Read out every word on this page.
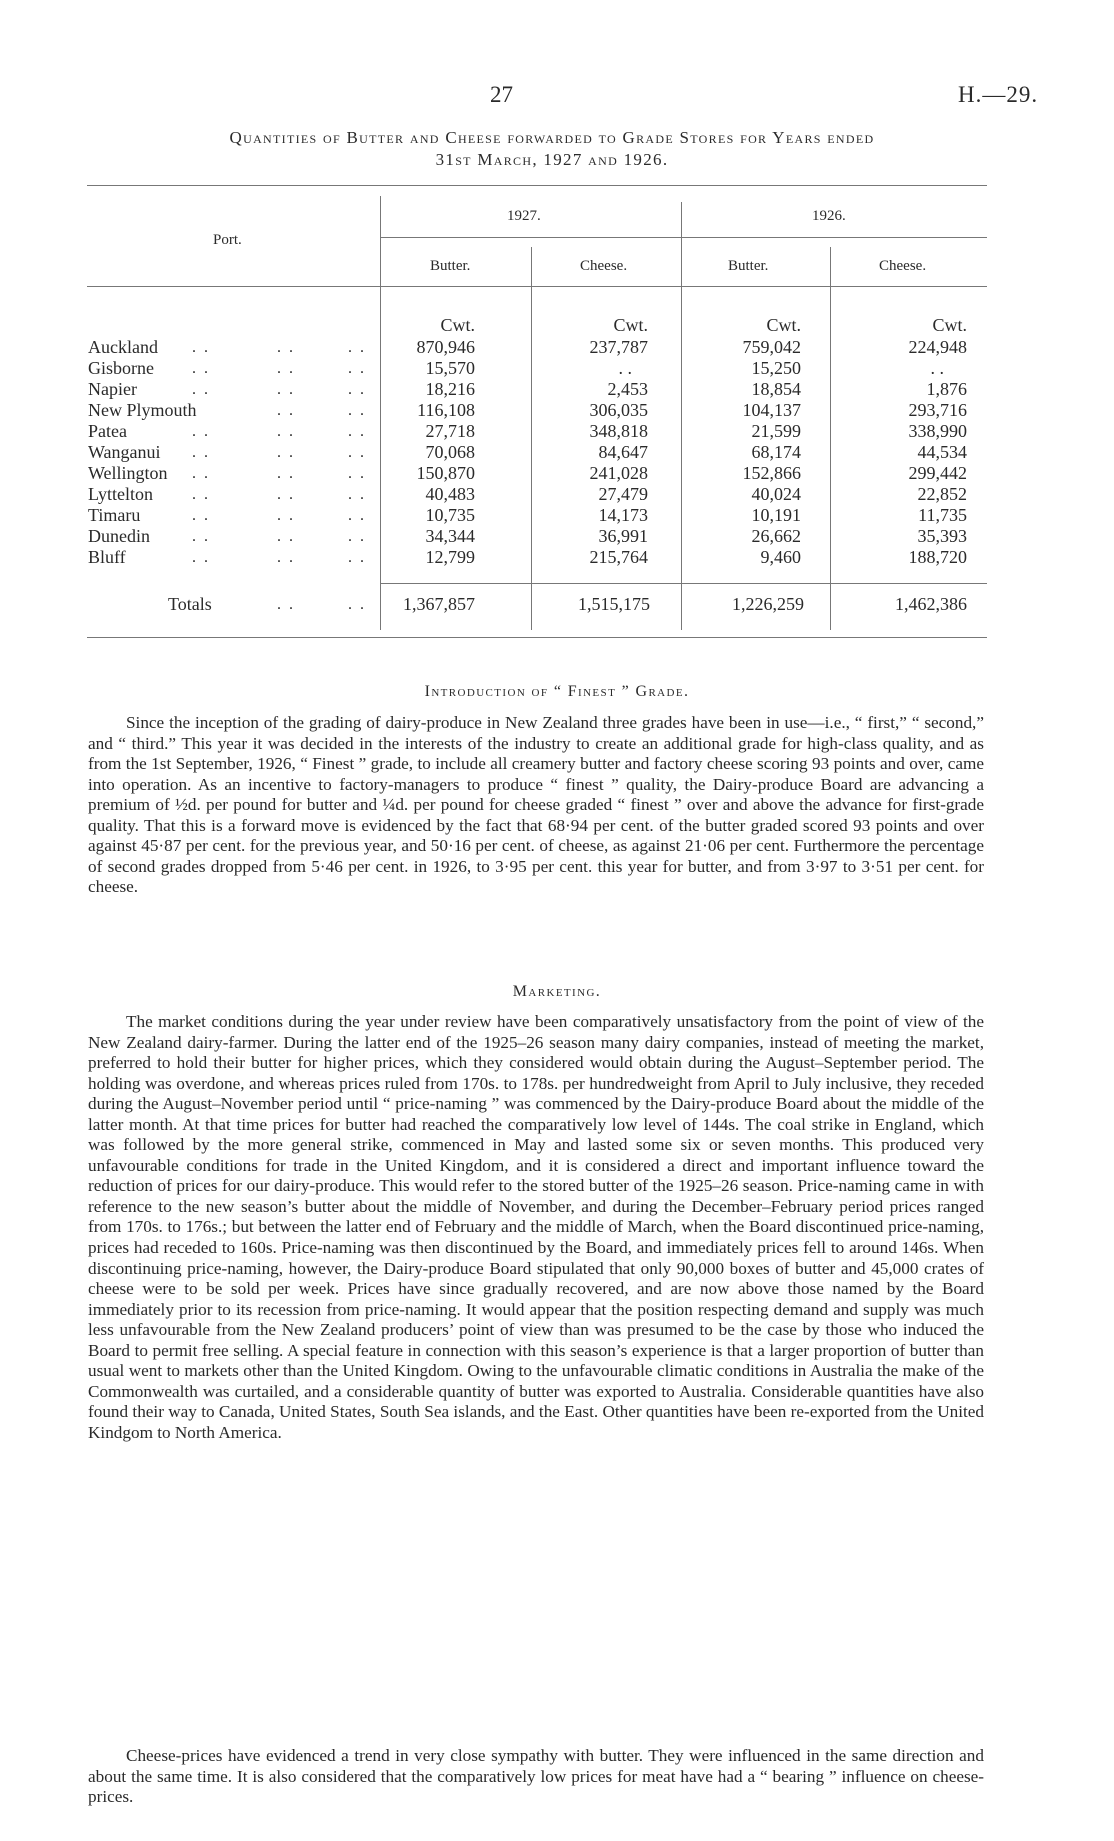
27	H.—29.
Quantities of Butter and Cheese forwarded to Grade Stores for Years ended
31st March, 1927 and 1926.
Port.
1927.	1926.
Butter.	Cheese.	Butter.	Cheese.
Cwt.	Cwt.	Cwt.	Cwt.
Auckland . .	. .	. .	870,946	237,787	759,042	224,948
Gisborne . .	. .	. .	15,570	. .	15,250	. .
Napier	. .	. .	. .	18,216	2,453	18,854	1,876
New Plymouth	. .	. .	116,108	306,035	104,137	293,716
Patea	. .	. .	. .	27,718	348,818	21,599	338,990
Wanganui . .	. .	. .	70,068	84,647	68,174	44,534
Wellington . .	. .	. .	150,870	241,028	152,866	299,442
Lyttelton . .	. .	. .	40,483	27,479	40,024	22,852
Timaru	. .	. .	. .	10,735	14,173	10,191	11,735
Dunedin	. .	. .	. .	34,344	36,991	26,662	35,393
Bluff	. .	. .	. .	12,799	215,764	9,460	188,720
Totals	. .	. .	1,367,857	1,515,175	1,226,259	1,462,386
Introduction of “ Finest ” Grade.

Since the inception of the grading of dairy-produce in New Zealand three grades have been in use—i.e., “ first,” “ second,” and “ third.” This year it was decided in the interests of the industry to create an additional grade for high-class quality, and as from the 1st September, 1926, “ Finest ” grade, to include all creamery butter and factory cheese scoring 93 points and over, came into operation. As an incentive to factory-managers to produce “ finest ” quality, the Dairy-produce Board are advancing a premium of ½d. per pound for butter and ¼d. per pound for cheese graded “ finest ” over and above the advance for first-grade quality. That this is a forward move is evidenced by the fact that 68·94 per cent. of the butter graded scored 93 points and over against 45·87 per cent. for the previous year, and 50·16 per cent. of cheese, as against 21·06 per cent. Furthermore the percentage of second grades dropped from 5·46 per cent. in 1926, to 3·95 per cent. this year for butter, and from 3·97 to 3·51 per cent. for cheese.

Marketing.

The market conditions during the year under review have been comparatively unsatisfactory from the point of view of the New Zealand dairy-farmer. During the latter end of the 1925–26 season many dairy companies, instead of meeting the market, preferred to hold their butter for higher prices, which they considered would obtain during the August–September period. The holding was overdone, and whereas prices ruled from 170s. to 178s. per hundredweight from April to July inclusive, they receded during the August–November period until “ price-naming ” was commenced by the Dairy-produce Board about the middle of the latter month. At that time prices for butter had reached the comparatively low level of 144s. The coal strike in England, which was followed by the more general strike, commenced in May and lasted some six or seven months. This produced very unfavourable conditions for trade in the United Kingdom, and it is considered a direct and important influence toward the reduction of prices for our dairy-produce. This would refer to the stored butter of the 1925–26 season. Price-naming came in with reference to the new season’s butter about the middle of November, and during the December–February period prices ranged from 170s. to 176s.; but between the latter end of February and the middle of March, when the Board discontinued price-naming, prices had receded to 160s. Price-naming was then discontinued by the Board, and immediately prices fell to around 146s. When discontinuing price-naming, however, the Dairy-produce Board stipulated that only 90,000 boxes of butter and 45,000 crates of cheese were to be sold per week. Prices have since gradually recovered, and are now above those named by the Board immediately prior to its recession from price-naming. It would appear that the position respecting demand and supply was much less unfavourable from the New Zealand producers’ point of view than was presumed to be the case by those who induced the Board to permit free selling. A special feature in connection with this season’s experience is that a larger proportion of butter than usual went to markets other than the United Kingdom. Owing to the unfavourable climatic conditions in Australia the make of the Commonwealth was curtailed, and a considerable quantity of butter was exported to Australia. Considerable quantities have also found their way to Canada, United States, South Sea islands, and the East. Other quantities have been re-exported from the United Kindgom to North America.

Cheese-prices have evidenced a trend in very close sympathy with butter. They were influenced in the same direction and about the same time. It is also considered that the comparatively low prices for meat have had a “ bearing ” influence on cheese-prices.
